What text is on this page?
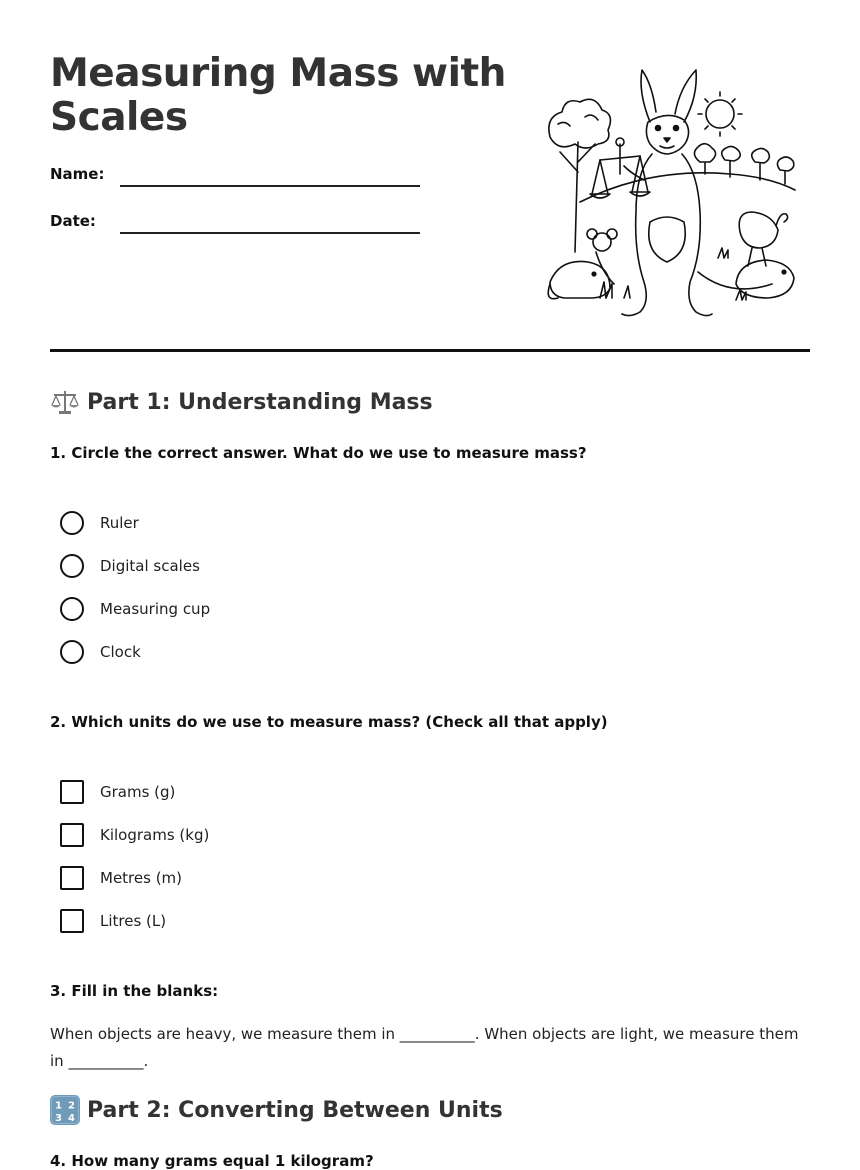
Measuring Mass with Scales
Name:
Date:
Part 1: Understanding Mass

1. Circle the correct answer. What do we use to measure mass?

Ruler
Digital scales
Measuring cup
Clock

2. Which units do we use to measure mass? (Check all that apply)

Grams (g)
Kilograms (kg)
Metres (m)
Litres (L)

3. Fill in the blanks:

When objects are heavy, we measure them in __________. When objects are light, we measure them in __________.

1 2
3 4 Part 2: Converting Between Units

4. How many grams equal 1 kilogram?
